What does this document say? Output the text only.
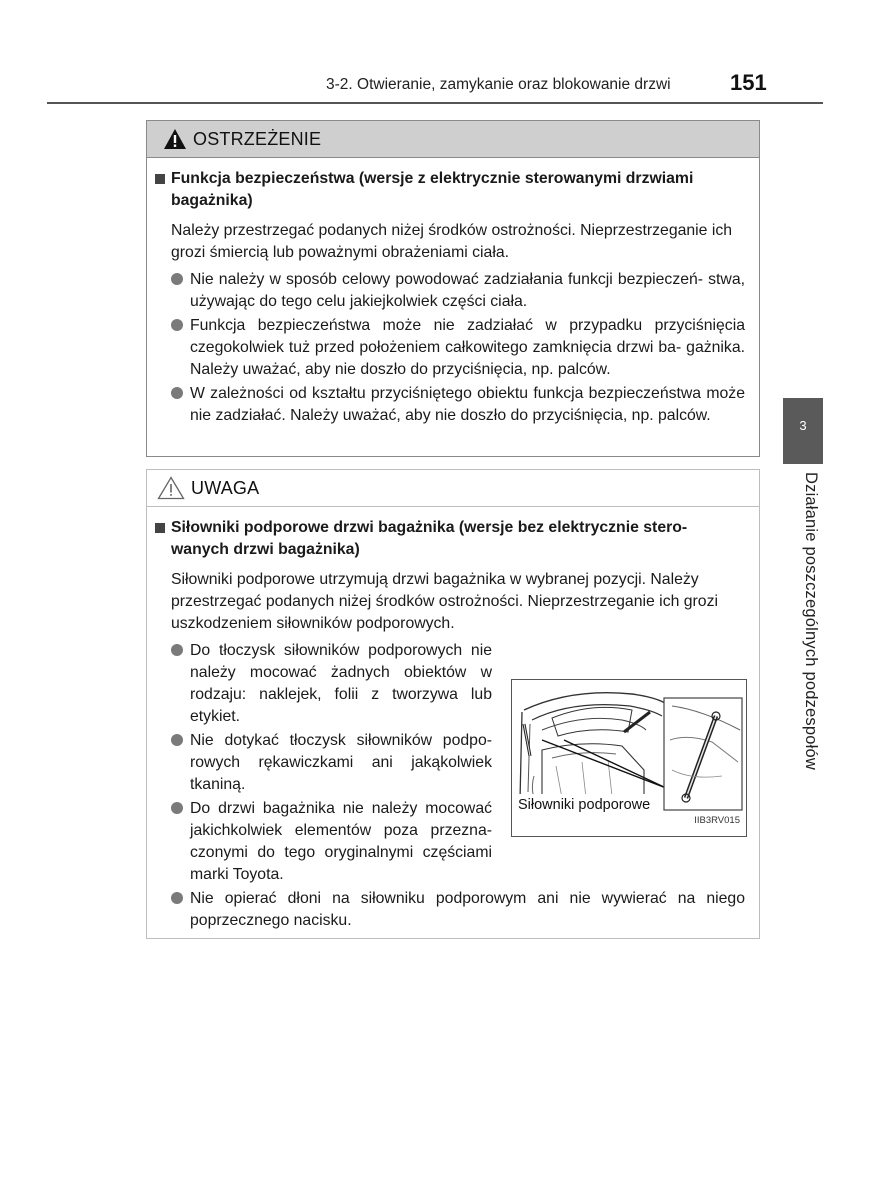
3-2. Otwieranie, zamykanie oraz blokowanie drzwi	151
OSTRZEŻENIE
Funkcja bezpieczeństwa (wersje z elektrycznie sterowanymi drzwiami bagażnika)
Należy przestrzegać podanych niżej środków ostrożności. Nieprzestrzeganie ich grozi śmiercią lub poważnymi obrażeniami ciała.
Nie należy w sposób celowy powodować zadziałania funkcji bezpieczeń- stwa, używając do tego celu jakiejkolwiek części ciała.
Funkcja bezpieczeństwa może nie zadziałać w przypadku przyciśnięcia czegokolwiek tuż przed położeniem całkowitego zamknięcia drzwi ba- gażnika. Należy uważać, aby nie doszło do przyciśnięcia, np. palców.
W zależności od kształtu przyciśniętego obiektu funkcja bezpieczeństwa może nie zadziałać. Należy uważać, aby nie doszło do przyciśnięcia, np. palców.
UWAGA
Siłowniki podporowe drzwi bagażnika (wersje bez elektrycznie stero- wanych drzwi bagażnika)
Siłowniki podporowe utrzymują drzwi bagażnika w wybranej pozycji. Należy przestrzegać podanych niżej środków ostrożności. Nieprzestrzeganie ich grozi uszkodzeniem siłowników podporowych.
Do tłoczysk siłowników podporowych nie należy mocować żadnych obiektów w rodzaju: naklejek, folii z tworzywa lub etykiet.
Nie dotykać tłoczysk siłowników podpo- rowych rękawiczkami ani jakąkolwiek tkaniną.
Do drzwi bagażnika nie należy mocować jakichkolwiek elementów poza przezna- czonymi do tego oryginalnymi częściami marki Toyota.
Nie opierać dłoni na siłowniku podporowym ani nie wywierać na niego poprzecznego nacisku.
Siłowniki podporowe
IIB3RV015
3
Działanie poszczególnych podzespołów
